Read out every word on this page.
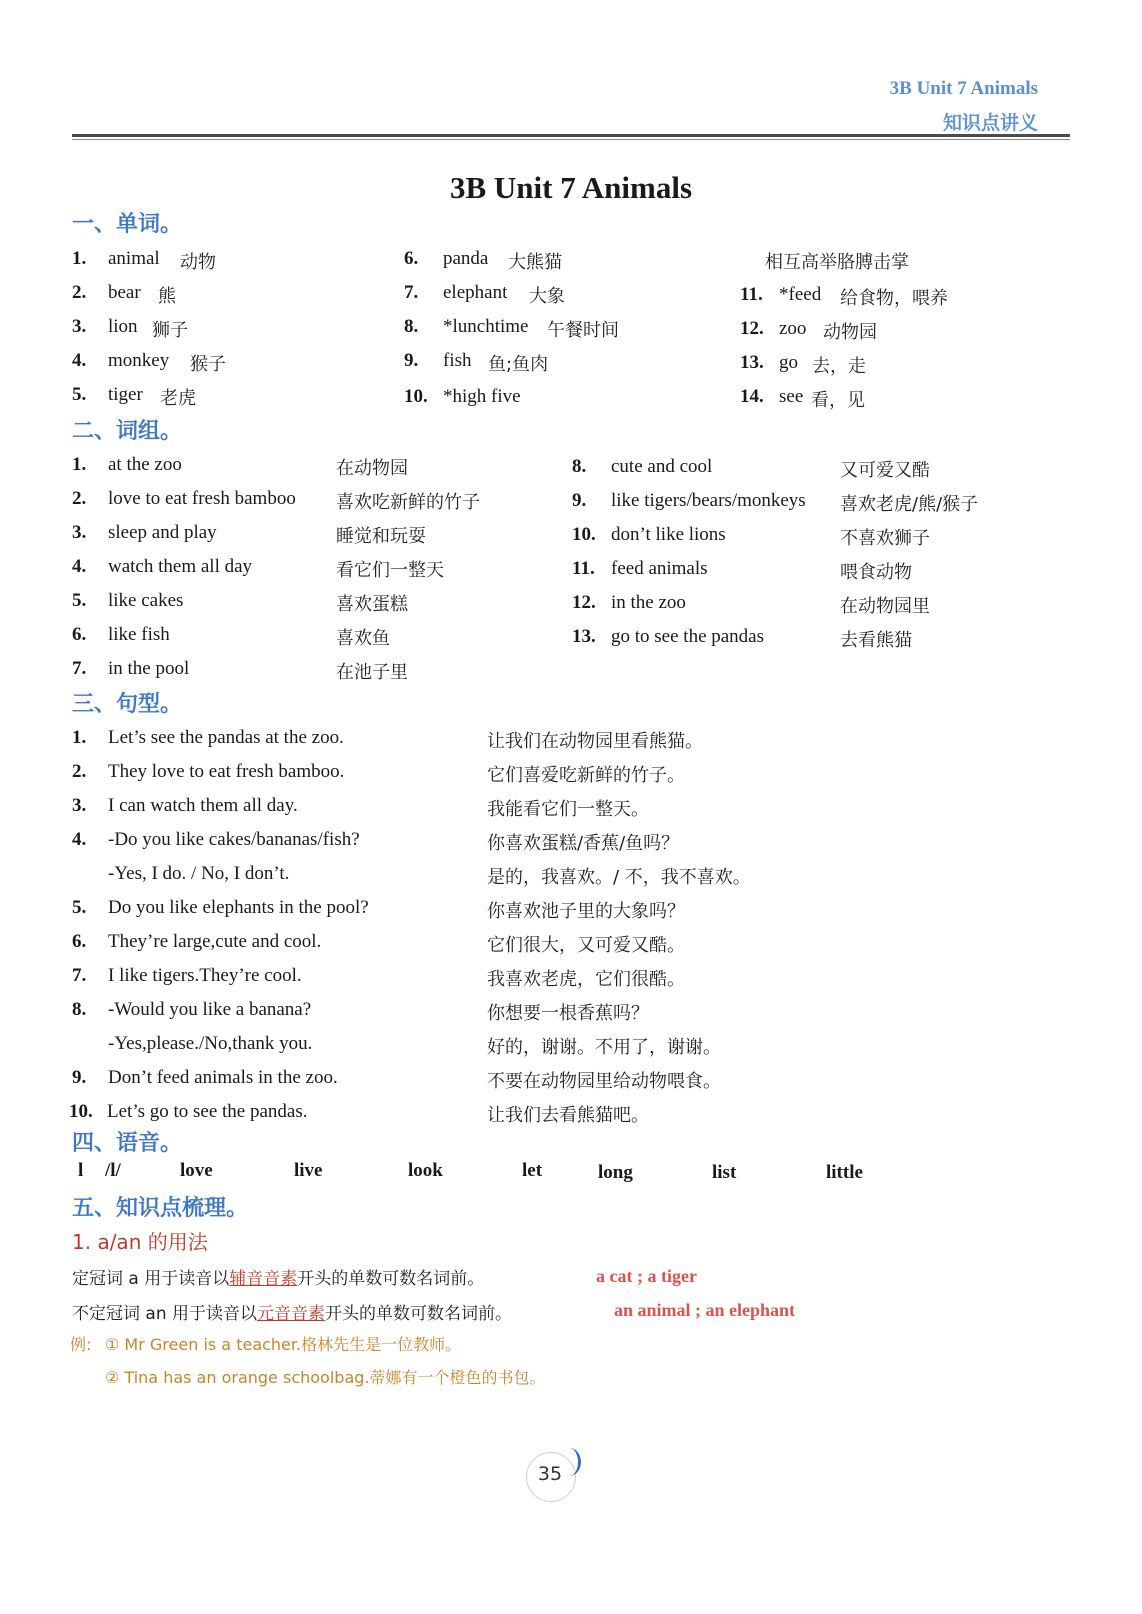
3B Unit 7 Animals
知识点讲义
3B Unit 7 Animals
一、单词。
1. animal 动物
2. bear 熊
3. lion 狮子
4. monkey 猴子
5. tiger 老虎
6. panda 大熊猫
7. elephant 大象
8. *lunchtime 午餐时间
9. fish 鱼;鱼肉
10. *high five
相互高举胳膊击掌
11. *feed 给食物，喂养
12. zoo 动物园
13. go 去，走
14. see 看，见
二、词组。
1. at the zoo	在动物园
2. love to eat fresh bamboo 喜欢吃新鲜的竹子
3. sleep and play	睡觉和玩耍
4. watch them all day	看它们一整天
5. like cakes	喜欢蛋糕
6. like fish	喜欢鱼
7. in the pool	在池子里
8. cute and cool	又可爱又酷
9. like tigers/bears/monkeys 喜欢老虎/熊/猴子
10. don’t like lions	不喜欢狮子
11. feed animals	喂食动物
12. in the zoo	在动物园里
13. go to see the pandas	去看熊猫
三、句型。
1. Let’s see the pandas at the zoo.	让我们在动物园里看熊猫。
2. They love to eat fresh bamboo.	它们喜爱吃新鲜的竹子。
3. I can watch them all day.	我能看它们一整天。
4. -Do you like cakes/bananas/fish?	你喜欢蛋糕/香蕉/鱼吗？
-Yes, I do. / No, I don’t.	是的，我喜欢。/ 不，我不喜欢。
5. Do you like elephants in the pool?	你喜欢池子里的大象吗？
6. They’re large,cute and cool.	它们很大，又可爱又酷。
7. I like tigers.They’re cool.	我喜欢老虎，它们很酷。
8. -Would you like a banana?	你想要一根香蕉吗？
-Yes,please./No,thank you.	好的，谢谢。不用了，谢谢。
9. Don’t feed animals in the zoo.	不要在动物园里给动物喂食。
10. Let’s go to see the pandas.	让我们去看熊猫吧。
四、语音。
l /l/	love	live	look	let	long	list	little
五、知识点梳理。
1. a/an 的用法
定冠词 a 用于读音以辅音音素开头的单数可数名词前。	a cat ; a tiger
不定冠词 an 用于读音以元音音素开头的单数可数名词前。	an animal ; an elephant
例: ① Mr Green is a teacher.格林先生是一位教师。
② Tina has an orange schoolbag.蒂娜有一个橙色的书包。
35
